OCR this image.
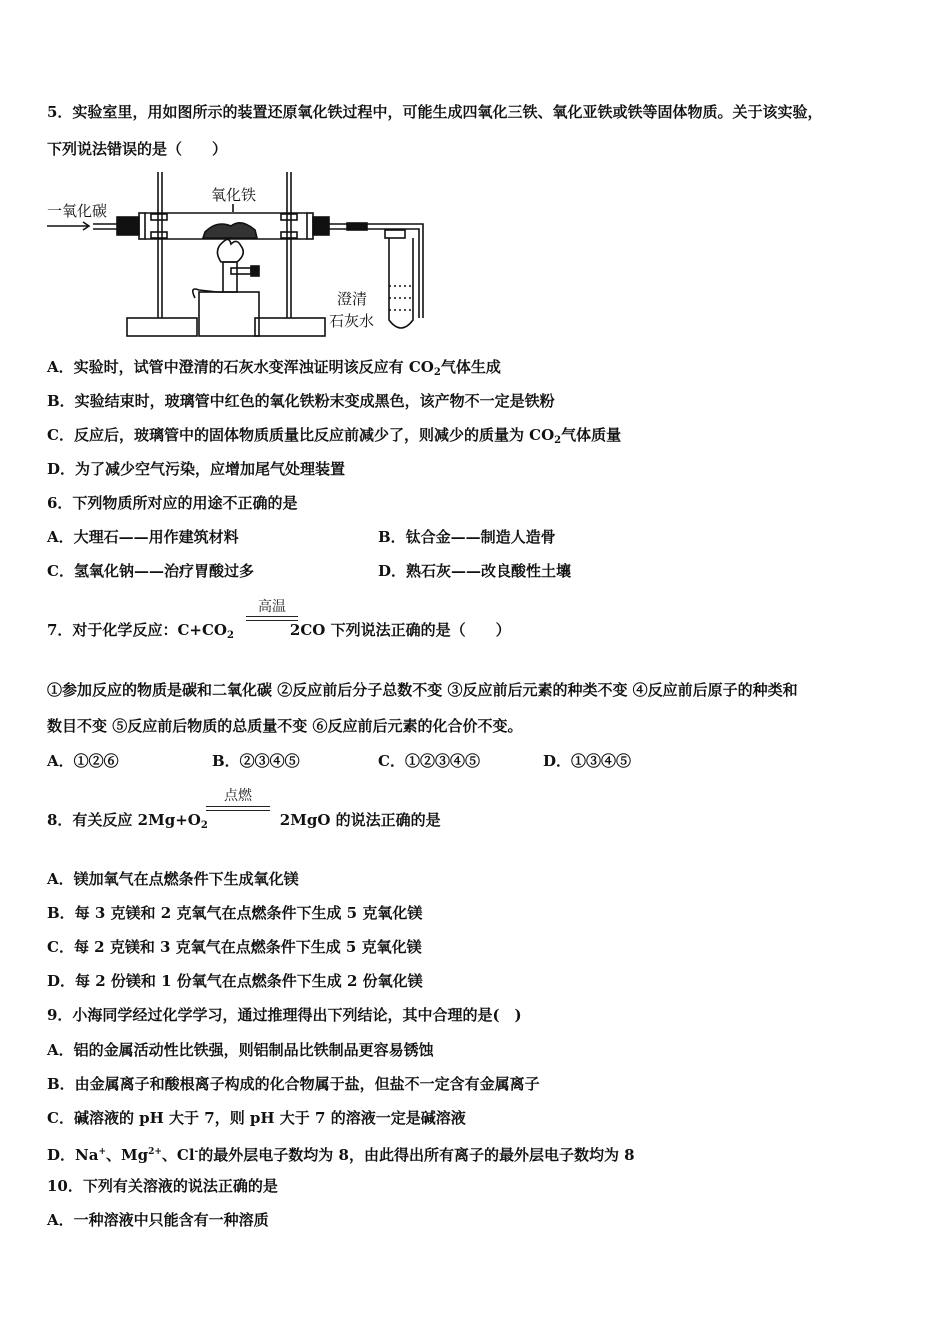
5．实验室里，用如图所示的装置还原氧化铁过程中，可能生成四氧化三铁、氧化亚铁或铁等固体物质。关于该实验，
下列说法错误的是（　　）
一氧化碳
氧化铁
澄清
石灰水
A．实验时，试管中澄清的石灰水变浑浊证明该反应有 $CO_2$气体生成
B．实验结束时，玻璃管中红色的氧化铁粉末变成黑色，该产物不一定是铁粉
C．反应后，玻璃管中的固体物质质量比反应前减少了，则减少的质量为 $CO_2$气体质量
D．为了减少空气污染，应增加尾气处理装置
6．下列物质所对应的用途不正确的是
A．大理石——用作建筑材料	B．钛合金——制造人造骨
C．氢氧化钠——治疗胃酸过多	D．熟石灰——改良酸性土壤
7．对于化学反应：$C+CO_2$	2CO 下列说法正确的是（　　）
高温
①参加反应的物质是碳和二氧化碳 ②反应前后分子总数不变 ③反应前后元素的种类不变 ④反应前后原子的种类和
数目不变 ⑤反应前后物质的总质量不变 ⑥反应前后元素的化合价不变。
A．①②⑥	B．②③④⑤	C．①②③④⑤	D．①③④⑤
8．有关反应 $2Mg+O_2$	2MgO 的说法正确的是
点燃
A．镁加氧气在点燃条件下生成氧化镁
B．每 3 克镁和 2 克氧气在点燃条件下生成 5 克氧化镁
C．每 2 克镁和 3 克氧气在点燃条件下生成 5 克氧化镁
D．每 2 份镁和 1 份氧气在点燃条件下生成 2 份氧化镁
9．小海同学经过化学学习，通过推理得出下列结论，其中合理的是(　)
A．铝的金属活动性比铁强，则铝制品比铁制品更容易锈蚀
B．由金属离子和酸根离子构成的化合物属于盐，但盐不一定含有金属离子
C．碱溶液的 pH 大于 7，则 pH 大于 7 的溶液一定是碱溶液
D．Na+、$Mg^{2+}$、Cl-的最外层电子数均为 8，由此得出所有离子的最外层电子数均为 8
10．下列有关溶液的说法正确的是
A．一种溶液中只能含有一种溶质
